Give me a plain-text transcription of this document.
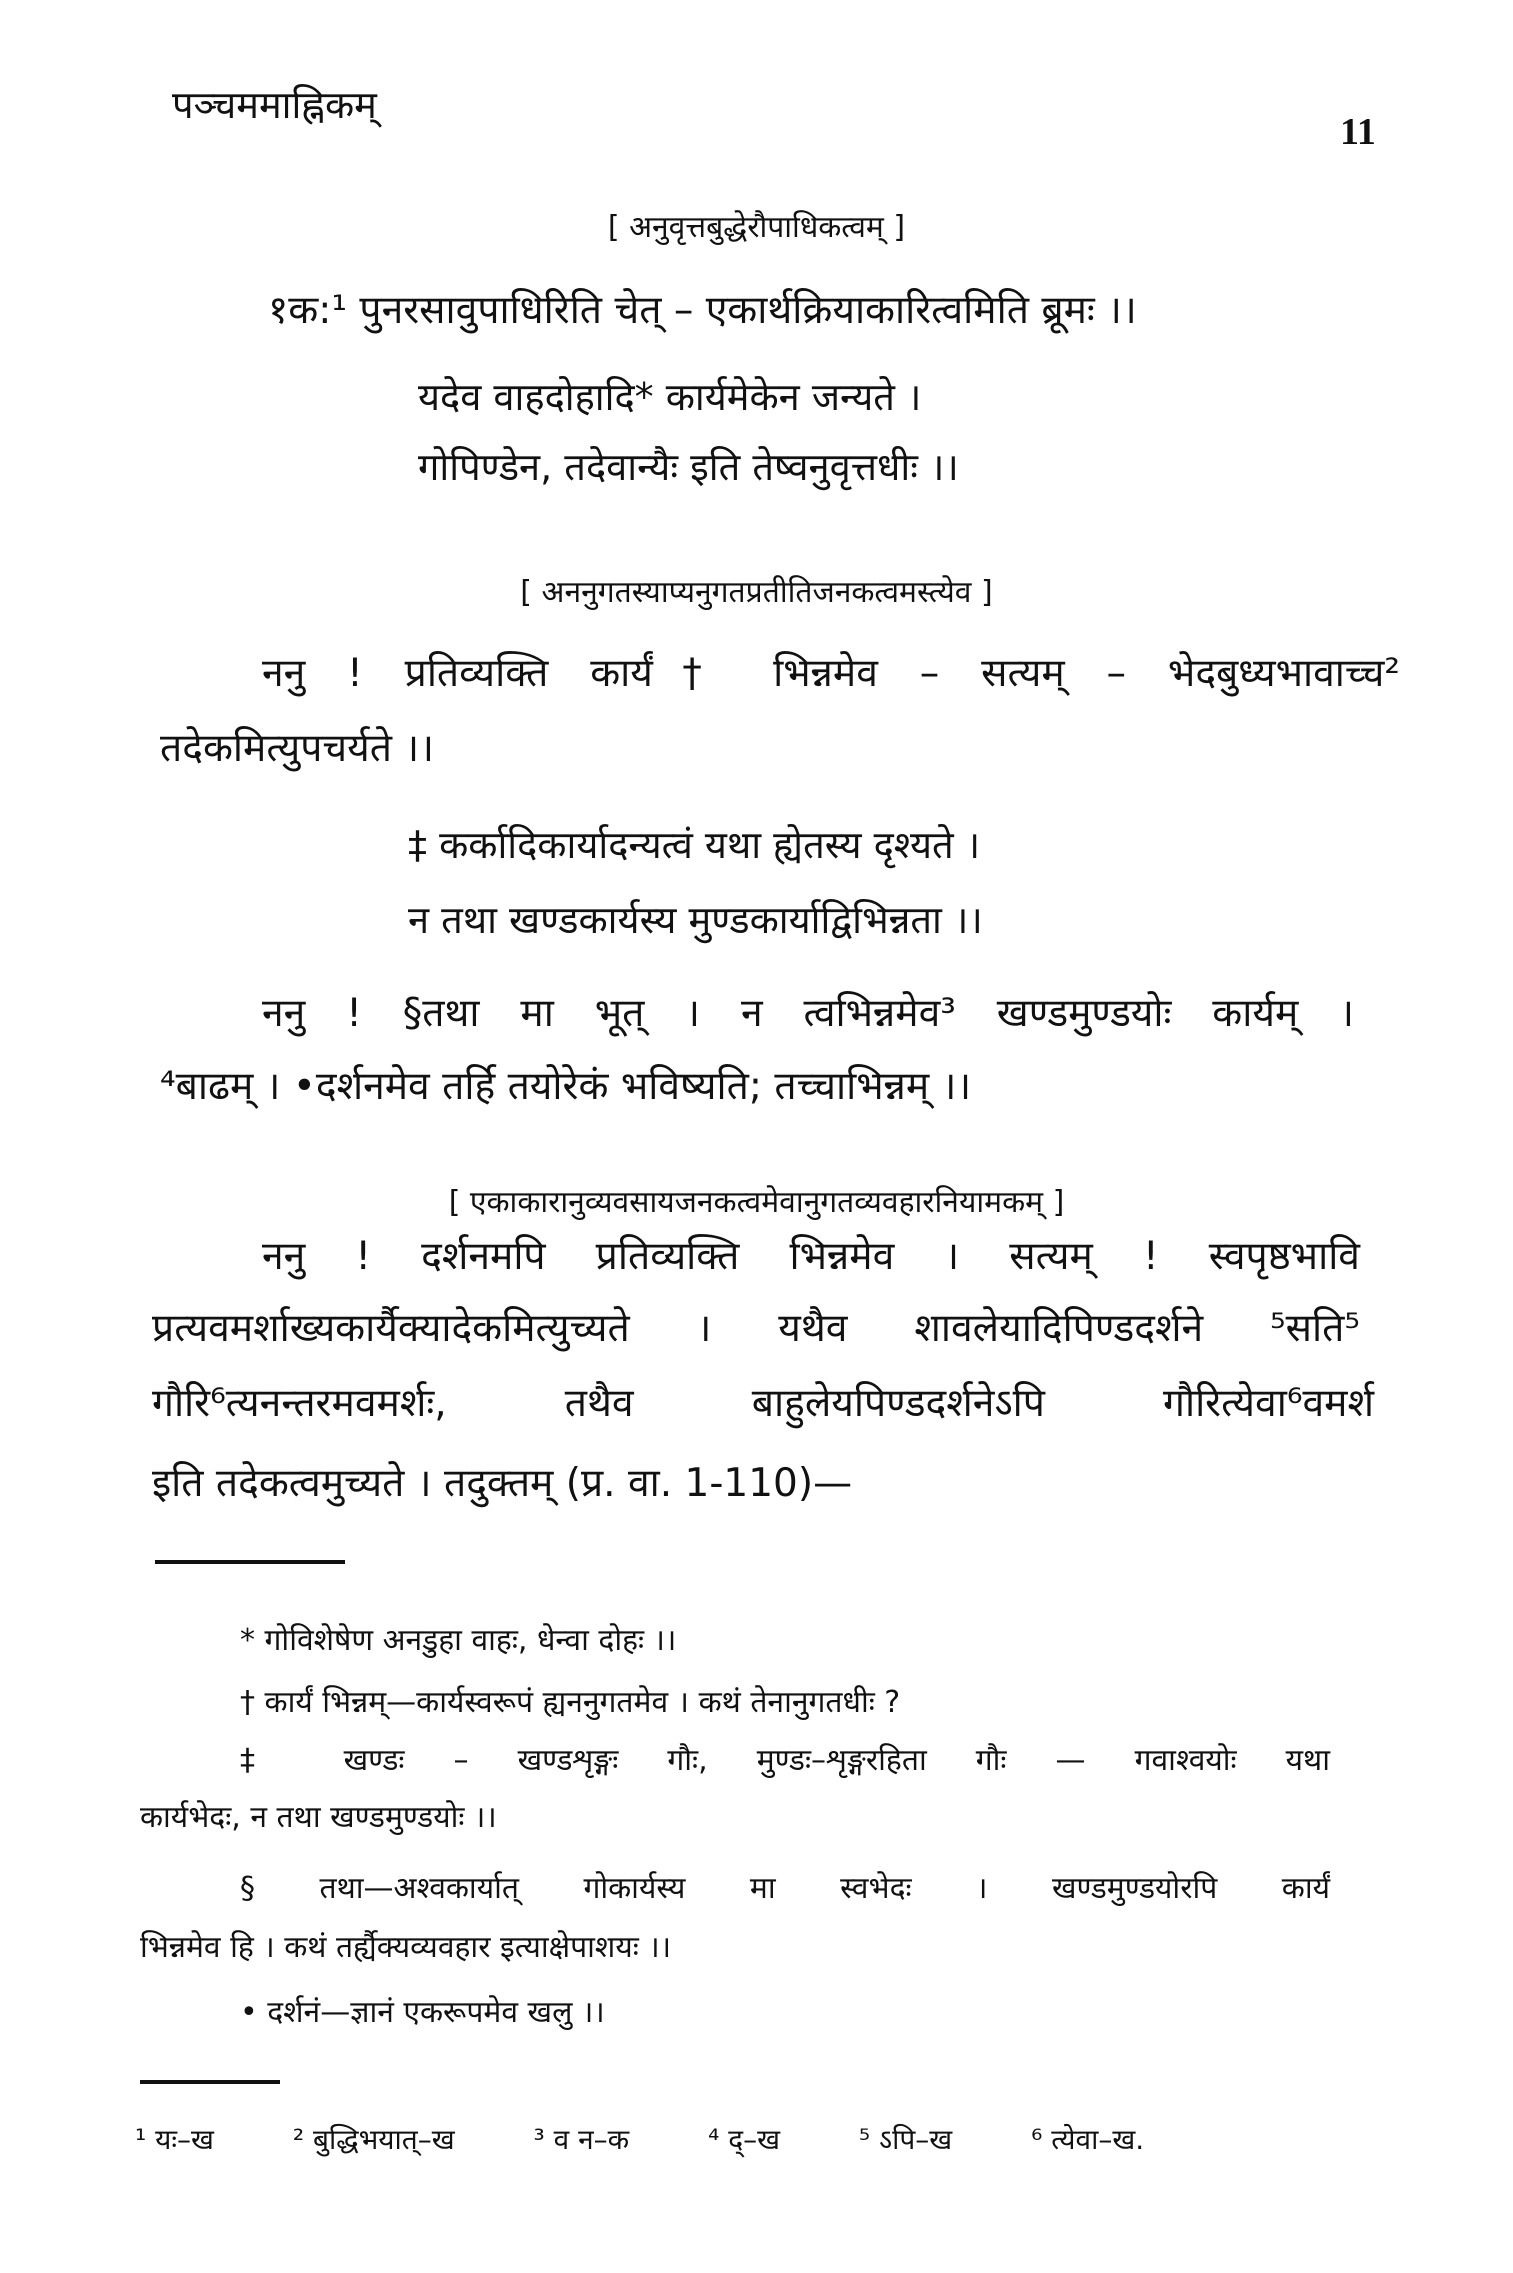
पञ्चममाह्निकम्
11
[ अनुवृत्तबुद्धेरौपाधिकत्वम् ]
१क:¹ पुनरसावुपाधिरिति चेत् – एकार्थक्रियाकारित्वमिति ब्रूमः ।।
यदेव वाहदोहादि* कार्यमेकेन जन्यते ।
गोपिण्डेन, तदेवान्यैः इति तेष्वनुवृत्तधीः ।।
[ अननुगतस्याप्यनुगतप्रतीतिजनकत्वमस्त्येव ]
ननु ! प्रतिव्यक्ति कार्यं† भिन्नमेव – सत्यम् – भेदबुध्यभावाच्च²
तदेकमित्युपचर्यते ।।
‡ कर्कादिकार्यादन्यत्वं यथा ह्येतस्य दृश्यते ।
न तथा खण्डकार्यस्य मुण्डकार्याद्विभिन्नता ।।
ननु ! §तथा मा भूत् । न त्वभिन्नमेव³ खण्डमुण्डयोः कार्यम् ।
⁴बाढम् । •दर्शनमेव तर्हि तयोरेकं भविष्यति; तच्चाभिन्नम् ।।
[ एकाकारानुव्यवसायजनकत्वमेवानुगतव्यवहारनियामकम् ]
ननु ! दर्शनमपि प्रतिव्यक्ति भिन्नमेव । सत्यम् ! स्वपृष्ठभावि
प्रत्यवमर्शाख्यकार्यैक्यादेकमित्युच्यते । यथैव शावलेयादिपिण्डदर्शने ⁵सति⁵
गौरि⁶त्यनन्तरमवमर्शः, तथैव बाहुलेयपिण्डदर्शनेऽपि गौरित्येवा⁶वमर्श
इति तदेकत्वमुच्यते । तदुक्तम् (प्र. वा. 1-110)—
* गोविशेषेण अनडुहा वाहः, धेन्वा दोहः ।।
† कार्यं भिन्नम्—कार्यस्वरूपं ह्यननुगतमेव । कथं तेनानुगतधीः ?
‡ खण्डः – खण्डशृङ्गः गौः, मुण्डः–शृङ्गरहिता गौः — गवाश्वयोः यथा
कार्यभेदः, न तथा खण्डमुण्डयोः ।।
§ तथा—अश्वकार्यात् गोकार्यस्य मा स्वभेदः । खण्डमुण्डयोरपि कार्यं
भिन्नमेव हि । कथं तर्ह्यैक्यव्यवहार इत्याक्षेपाशयः ।।
• दर्शनं—ज्ञानं एकरूपमेव खलु ।।
¹ यः–ख	² बुद्धिभयात्–ख	³ व न–क	⁴ द्–ख	⁵ ऽपि–ख	⁶ त्येवा–ख.
